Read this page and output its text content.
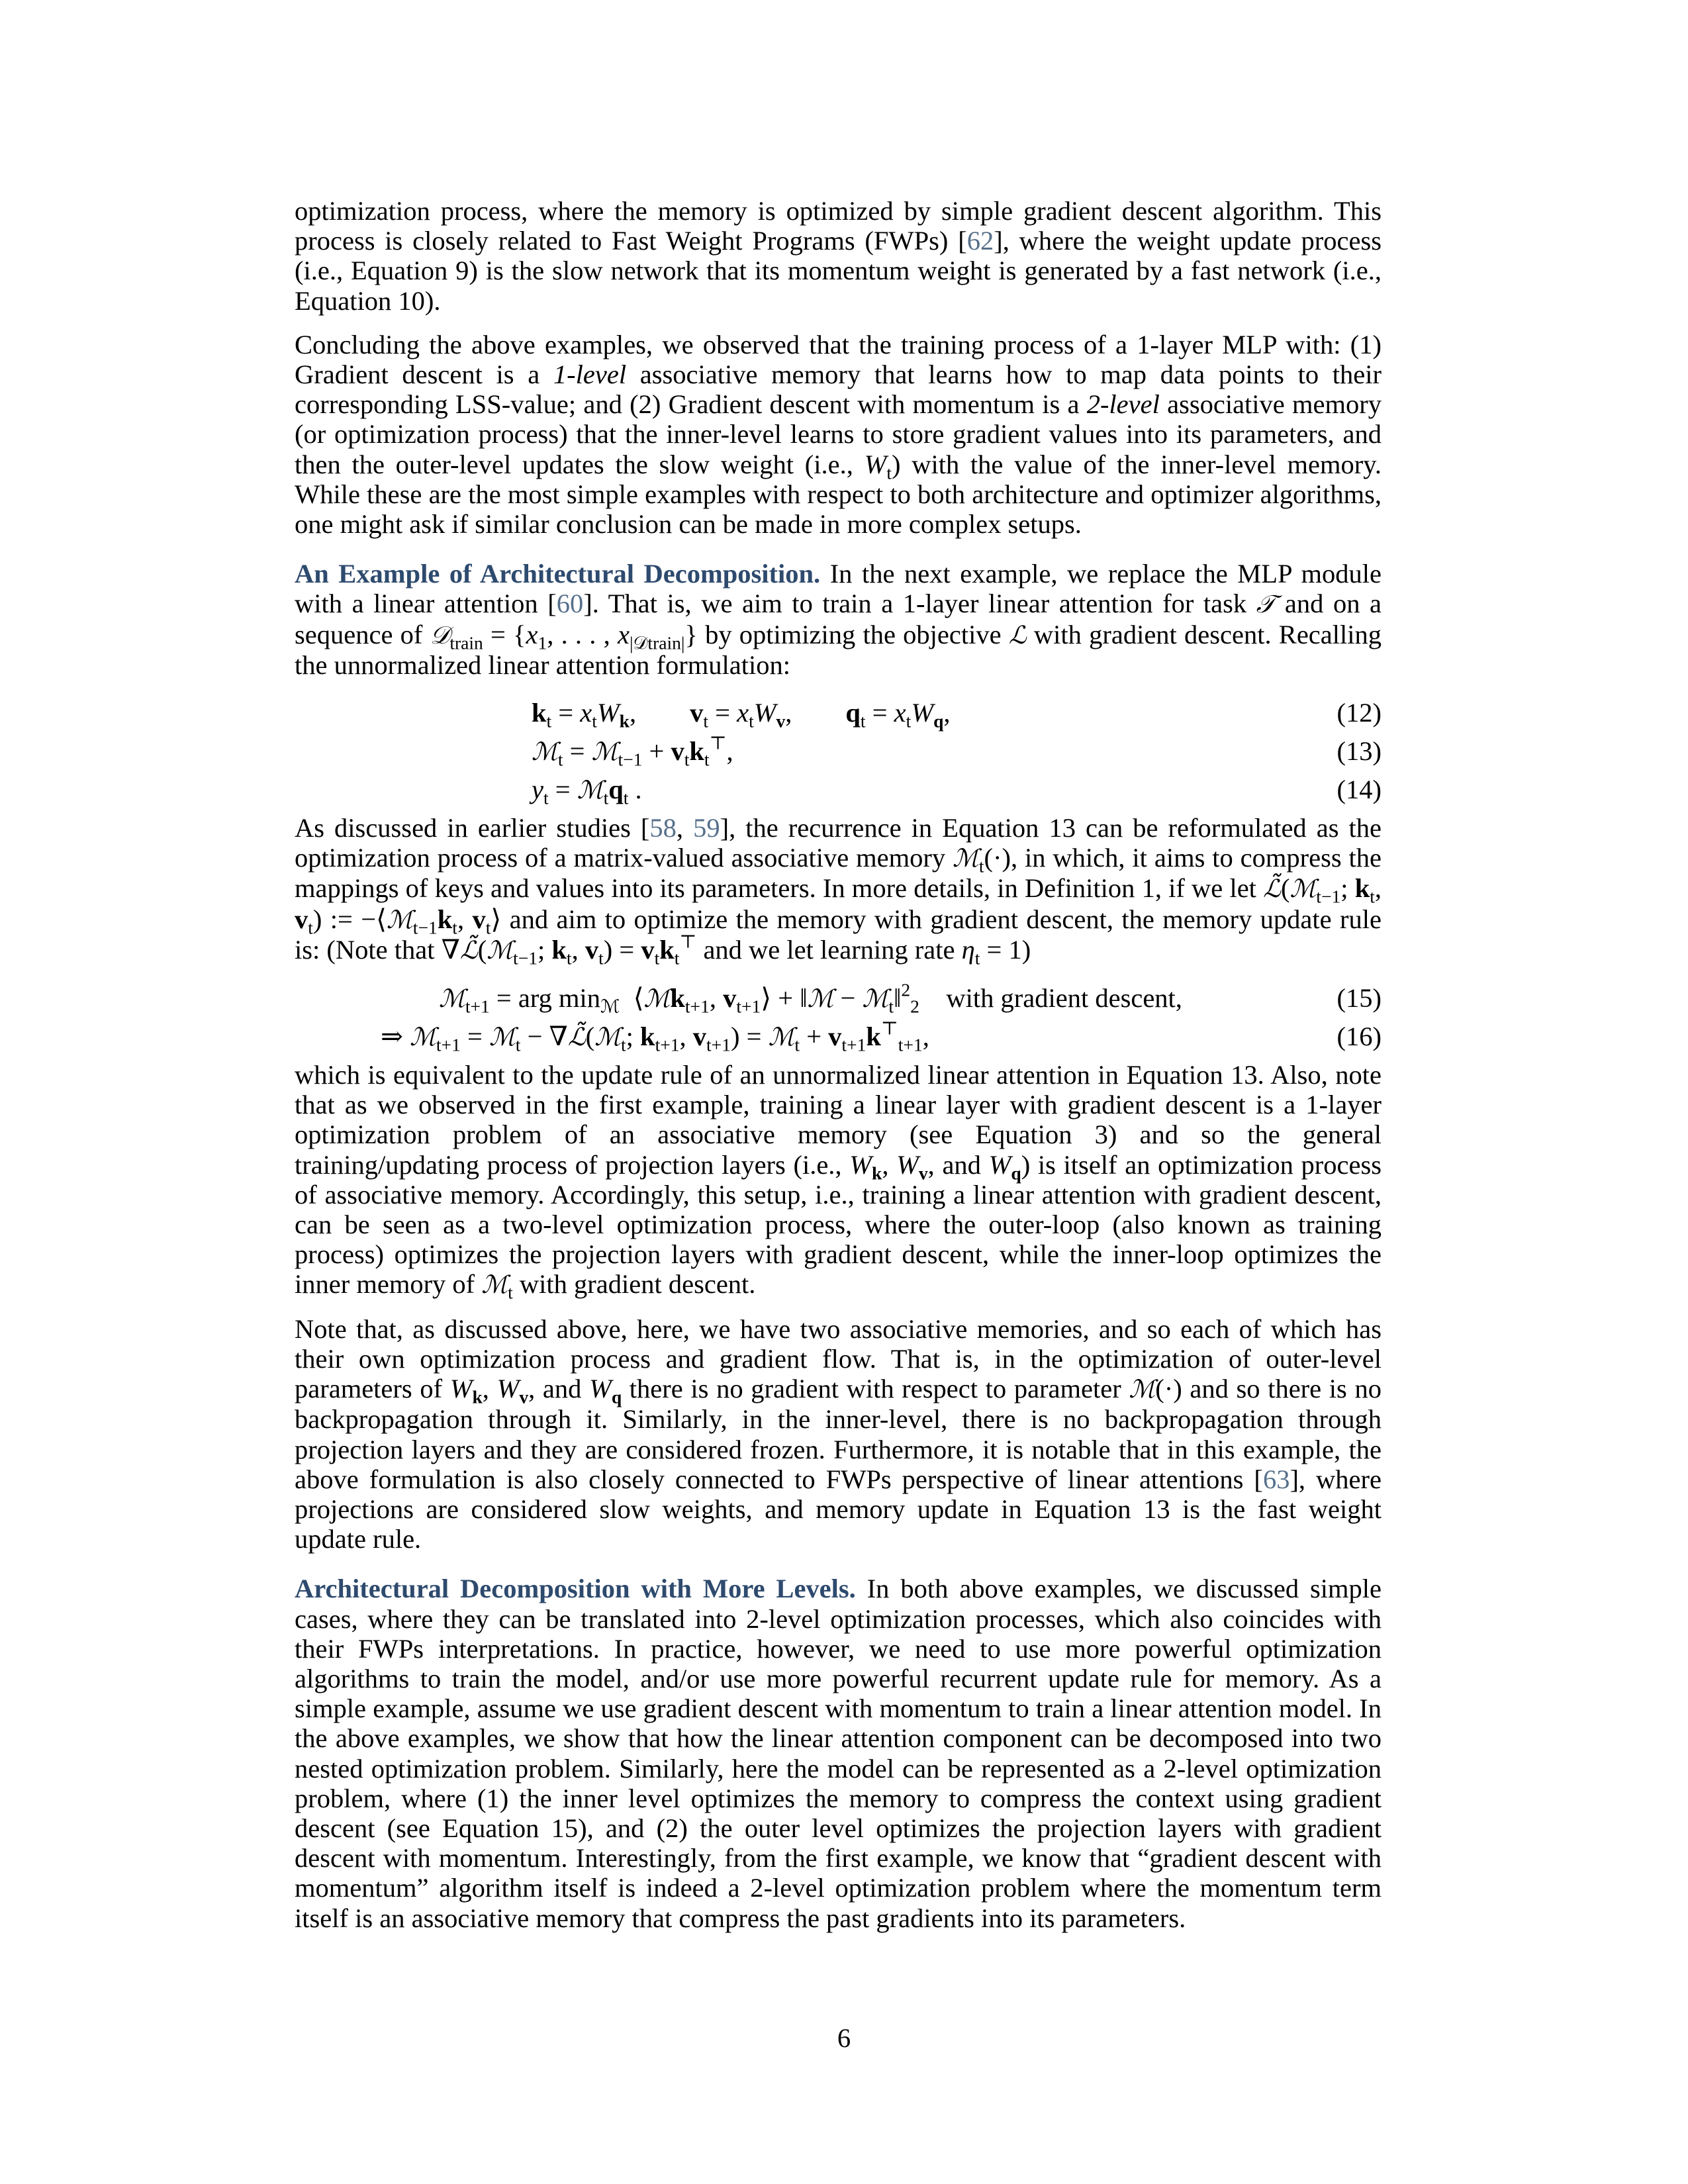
optimization process, where the memory is optimized by simple gradient descent algorithm. This process is closely related to Fast Weight Programs (FWPs) [62], where the weight update process (i.e., Equation 9) is the slow network that its momentum weight is generated by a fast network (i.e., Equation 10).

Concluding the above examples, we observed that the training process of a 1-layer MLP with: (1) Gradient descent is a 1-level associative memory that learns how to map data points to their corresponding LSS-value; and (2) Gradient descent with momentum is a 2-level associative memory (or optimization process) that the inner-level learns to store gradient values into its parameters, and then the outer-level updates the slow weight (i.e., $W_t$) with the value of the inner-level memory. While these are the most simple examples with respect to both architecture and optimizer algorithms, one might ask if similar conclusion can be made in more complex setups.

An Example of Architectural Decomposition. In the next example, we replace the MLP module with a linear attention [60]. That is, we aim to train a 1-layer linear attention for task 𝒯 and on a sequence of 𝒟$_{train}$ = {$x_1$, . . . , $x_{|𝒟train|}$} by optimizing the objective ℒ with gradient descent. Recalling the unnormalized linear attention formulation:

$k_t = x_tW_k$,        $v_t = x_tW_v$,        $q_t = x_tW_q$,	(12)
ℳ$_t$ = ℳ$_{t-1}$ + $v_tk_t^⊤$,	(13)
$y_t$ = $ℳ_tq_t$ .	(14)

As discussed in earlier studies [58, 59], the recurrence in Equation 13 can be reformulated as the optimization process of a matrix-valued associative memory ℳ$_t$(·), in which, it aims to compress the mappings of keys and values into its parameters. In more details, in Definition 1, if we let ℒ̃(ℳ$_{t-1}$; $k_t$, $v_t$) := $-⟨ℳ_{t-1}k_t$, $v_t⟩$ and aim to optimize the memory with gradient descent, the memory update rule is: (Note that ∇ℒ̃(ℳ$_{t-1}$; $k_t$, $v_t) = v_tk_t^⊤$ and we let learning rate $\eta_t = 1$)

ℳ$_{t+1}$ = arg $\min_ℳ$  ⟨ℳk$_{t+1}$, $v_{t+1}⟩$ + ‖ℳ − ℳ$_t$‖$^2_2$    with gradient descent,	(15)
⇒ ℳ$_{t+1}$ = ℳ$_t$ − ∇ℒ̃(ℳ$_t$; $k_{t+1}$, $v_{t+1}$) = ℳ$_t$ + $v_{t+1}k^⊤_{t+1}$,	(16)

which is equivalent to the update rule of an unnormalized linear attention in Equation 13. Also, note that as we observed in the first example, training a linear layer with gradient descent is a 1-layer optimization problem of an associative memory (see Equation 3) and so the general training/updating process of projection layers (i.e., $W_k$, $W_v$, and $W_q$) is itself an optimization process of associative memory. Accordingly, this setup, i.e., training a linear attention with gradient descent, can be seen as a two-level optimization process, where the outer-loop (also known as training process) optimizes the projection layers with gradient descent, while the inner-loop optimizes the inner memory of ℳ$_t$ with gradient descent.

Note that, as discussed above, here, we have two associative memories, and so each of which has their own optimization process and gradient flow. That is, in the optimization of outer-level parameters of $W_k$, $W_v$, and $W_q$ there is no gradient with respect to parameter ℳ(·) and so there is no backpropagation through it. Similarly, in the inner-level, there is no backpropagation through projection layers and they are considered frozen. Furthermore, it is notable that in this example, the above formulation is also closely connected to FWPs perspective of linear attentions [63], where projections are considered slow weights, and memory update in Equation 13 is the fast weight update rule.

Architectural Decomposition with More Levels. In both above examples, we discussed simple cases, where they can be translated into 2-level optimization processes, which also coincides with their FWPs interpretations. In practice, however, we need to use more powerful optimization algorithms to train the model, and/or use more powerful recurrent update rule for memory. As a simple example, assume we use gradient descent with momentum to train a linear attention model. In the above examples, we show that how the linear attention component can be decomposed into two nested optimization problem. Similarly, here the model can be represented as a 2-level optimization problem, where (1) the inner level optimizes the memory to compress the context using gradient descent (see Equation 15), and (2) the outer level optimizes the projection layers with gradient descent with momentum. Interestingly, from the first example, we know that “gradient descent with momentum” algorithm itself is indeed a 2-level optimization problem where the momentum term itself is an associative memory that compress the past gradients into its parameters.

6
